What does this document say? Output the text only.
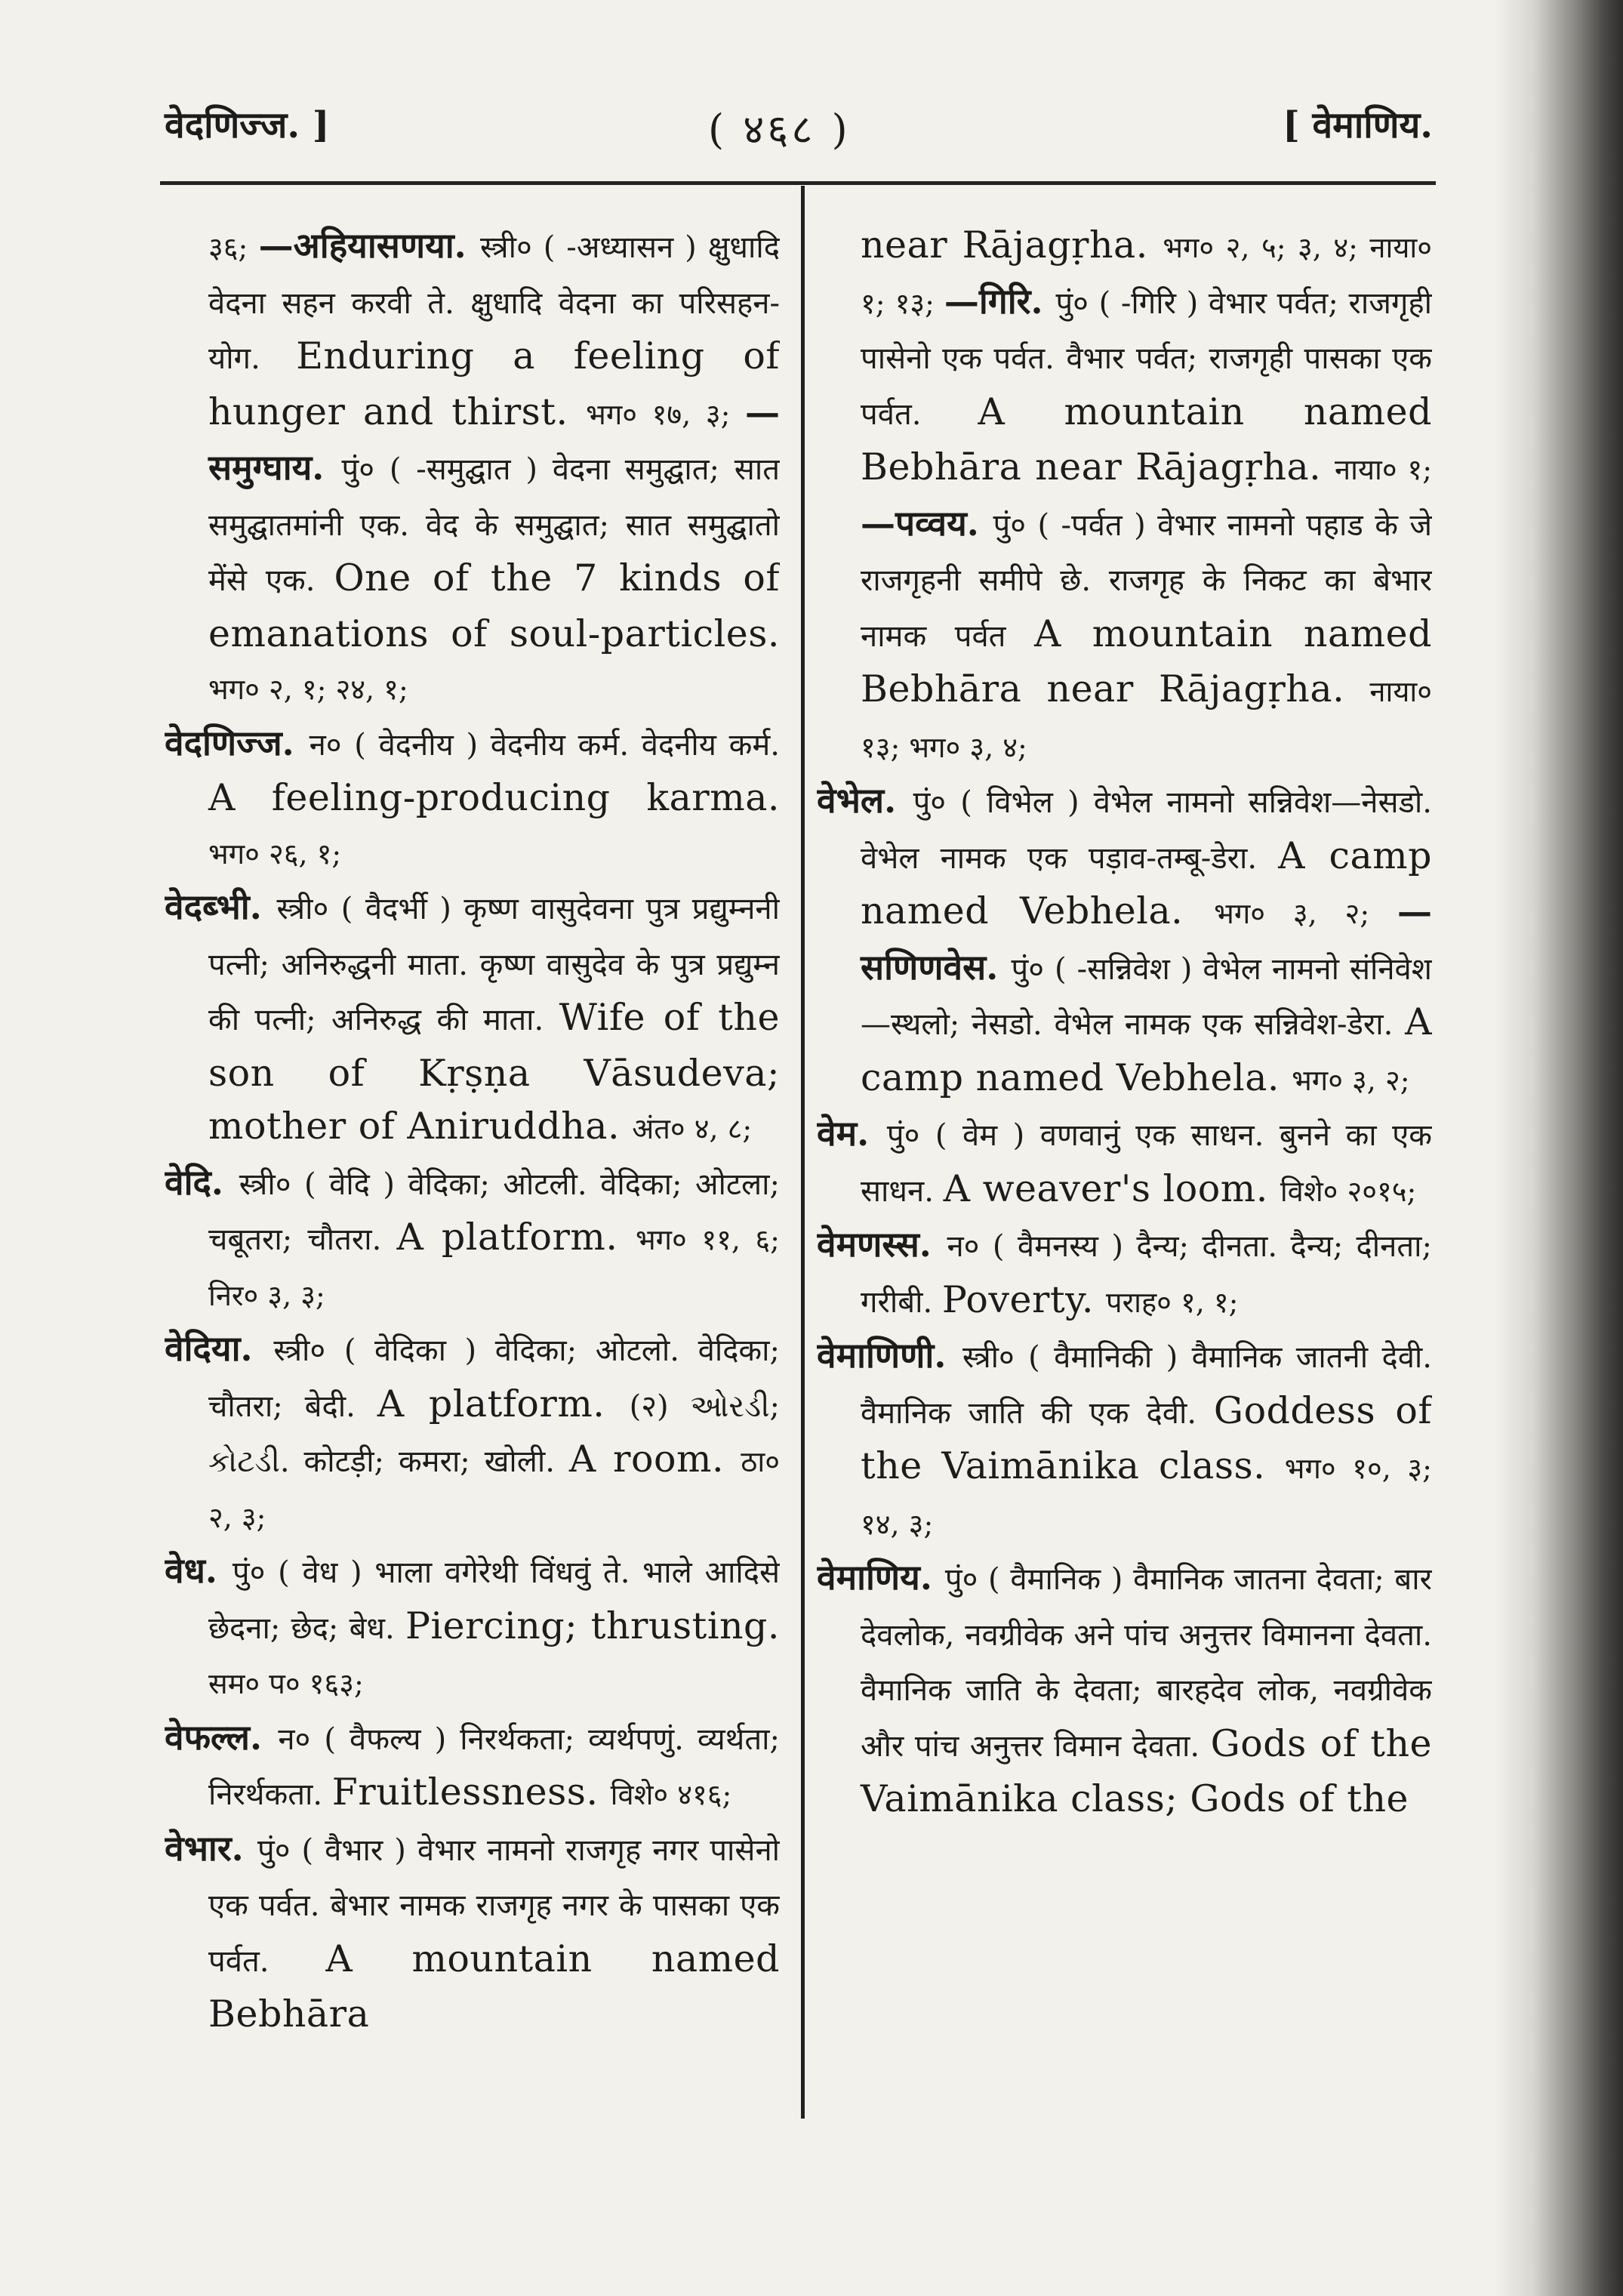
वेदणिज्ज. ]	( ४६८ )	[ वेमाणिय.
३६; —अहियासणया. स्त्री० ( -अध्यासन ) क्षुधादि वेदना सहन करवी ते. क्षुधादि वेदना का परिसहन-योग. Enduring a feeling of hunger and thirst. भग० १७, ३; —समुग्घाय. पुं० ( -समुद्घात ) वेदना समुद्घात; सात समुद्घातमांनी एक. वेद के समुद्घात; सात समुद्घातो मेंसे एक. One of the 7 kinds of emanations of soul-particles. भग० २, १; २४, १;
वेदणिज्ज. न० ( वेदनीय ) वेदनीय कर्म. वेदनीय कर्म. A feeling-producing karma. भग० २६, १;
वेदब्भी. स्त्री० ( वैदर्भी ) कृष्ण वासुदेवना पुत्र प्रद्युम्ननी पत्नी; अनिरुद्धनी माता. कृष्ण वासुदेव के पुत्र प्रद्युम्न की पत्नी; अनिरुद्ध की माता. Wife of the son of Kṛṣṇa Vāsudeva; mother of Aniruddha. अंत० ४, ८;
वेदि. स्त्री० ( वेदि ) वेदिका; ओटली. वेदिका; ओटला; चबूतरा; चौतरा. A platform. भग० ११, ६; निर० ३, ३;
वेदिया. स्त्री० ( वेदिका ) वेदिका; ओटलो. वेदिका; चौतरा; बेदी. A platform. (२) ઓરડી; કોટડી. कोटड़ी; कमरा; खोली. A room. ठा० २, ३;
वेध. पुं० ( वेध ) भाला वगेरेथी विंधवुं ते. भाले आदिसे छेदना; छेद; बेध. Piercing; thrusting. सम० प० १६३;
वेफल्ल. न० ( वैफल्य ) निरर्थकता; व्यर्थपणुं. व्यर्थता; निरर्थकता. Fruitlessness. विशे० ४१६;
वेभार. पुं० ( वैभार ) वेभार नामनो राजगृह नगर पासेनो एक पर्वत. बेभार नामक राजगृह नगर के पासका एक पर्वत. A mountain named Bebhāra
near Rājagṛha. भग० २, ५; ३, ४; नाया० १; १३; —गिरि. पुं० ( -गिरि ) वेभार पर्वत; राजगृही पासेनो एक पर्वत. वैभार पर्वत; राजगृही पासका एक पर्वत. A mountain named Bebhāra near Rājagṛha. नाया० १; —पव्वय. पुं० ( -पर्वत ) वेभार नामनो पहाड के जे राजगृहनी समीपे छे. राजगृह के निकट का बेभार नामक पर्वत A mountain named Bebhāra near Rājagṛha. नाया० १३; भग० ३, ४;
वेभेल. पुं० ( विभेल ) वेभेल नामनो सन्निवेश—नेसडो. वेभेल नामक एक पड़ाव-तम्बू-डेरा. A camp named Vebhela. भग० ३, २; —सणिणवेस. पुं० ( -सन्निवेश ) वेभेल नामनो संनिवेश—स्थलो; नेसडो. वेभेल नामक एक सन्निवेश-डेरा. A camp named Vebhela. भग० ३, २;
वेम. पुं० ( वेम ) वणवानुं एक साधन. बुनने का एक साधन. A weaver's loom. विशे० २०१५;
वेमणस्स. न० ( वैमनस्य ) दैन्य; दीनता. दैन्य; दीनता; गरीबी. Poverty. पराह० १, १;
वेमाणिणी. स्त्री० ( वैमानिकी ) वैमानिक जातनी देवी. वैमानिक जाति की एक देवी. Goddess of the Vaimānika class. भग० १०, ३; १४, ३;
वेमाणिय. पुं० ( वैमानिक ) वैमानिक जातना देवता; बार देवलोक, नवग्रीवेक अने पांच अनुत्तर विमानना देवता. वैमानिक जाति के देवता; बारहदेव लोक, नवग्रीवेक और पांच अनुत्तर विमान देवता. Gods of the Vaimānika class; Gods of the
